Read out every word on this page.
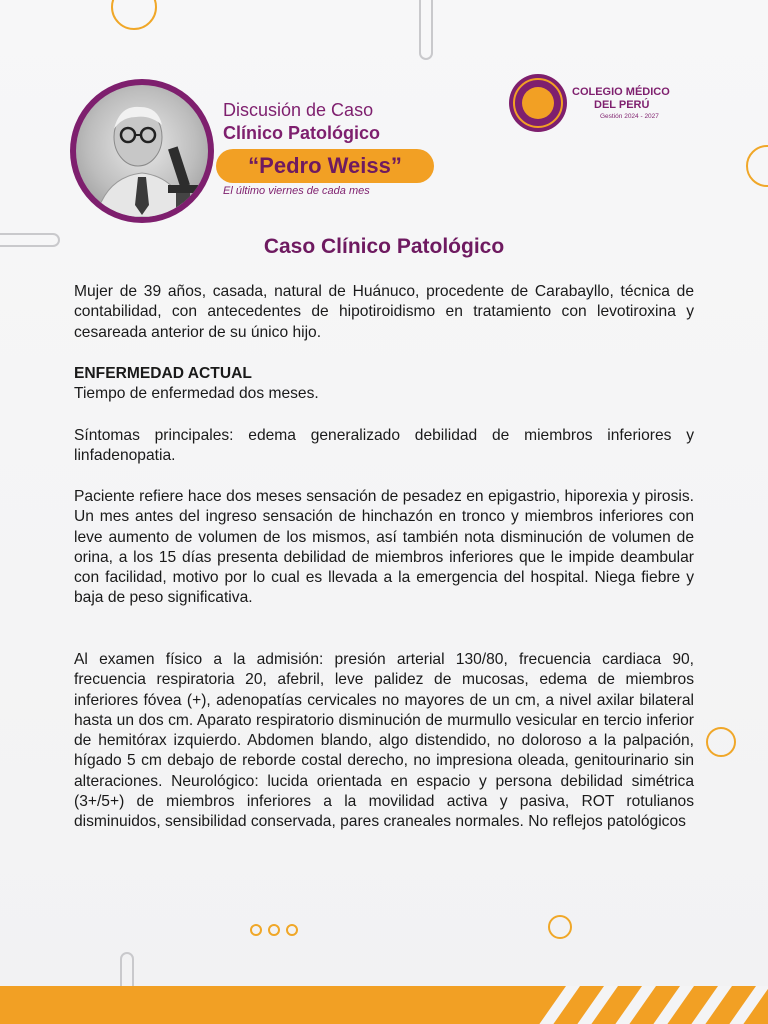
Discusión de Caso
Clínico Patológico
“Pedro Weiss”
El último viernes de cada mes
COLEGIO MÉDICO
DEL PERÚ
Gestión 2024 - 2027
Caso Clínico Patológico
Mujer de 39 años, casada, natural de Huánuco, procedente de Carabayllo, técnica de contabilidad, con antecedentes de hipotiroidismo en tratamiento con levotiroxina y cesareada anterior de su único hijo.
ENFERMEDAD ACTUAL
Tiempo de enfermedad dos meses.
Síntomas principales: edema generalizado debilidad de miembros inferiores y linfadenopatia.
Paciente refiere hace dos meses sensación de pesadez en epigastrio, hiporexia y pirosis. Un mes antes del ingreso sensación de hinchazón en tronco y miembros inferiores con leve aumento de volumen de los mismos, así también nota disminución de volumen de orina, a los 15 días presenta debilidad de miembros inferiores que le impide deambular con facilidad, motivo por lo cual es llevada a la emergencia del hospital. Niega fiebre y baja de peso significativa.
Al examen físico a la admisión: presión arterial 130/80, frecuencia cardiaca 90, frecuencia respiratoria 20, afebril, leve palidez de mucosas, edema de miembros inferiores fóvea (+), adenopatías cervicales no mayores de un cm, a nivel axilar bilateral hasta un dos cm. Aparato respiratorio disminución de murmullo vesicular en tercio inferior de hemitórax izquierdo. Abdomen blando, algo distendido, no doloroso a la palpación, hígado 5 cm debajo de reborde costal derecho, no impresiona oleada, genitourinario sin alteraciones. Neurológico: lucida orientada en espacio y persona debilidad simétrica (3+/5+) de miembros inferiores a la movilidad activa y pasiva, ROT rotulianos disminuidos, sensibilidad conservada, pares craneales normales. No reflejos patológicos
